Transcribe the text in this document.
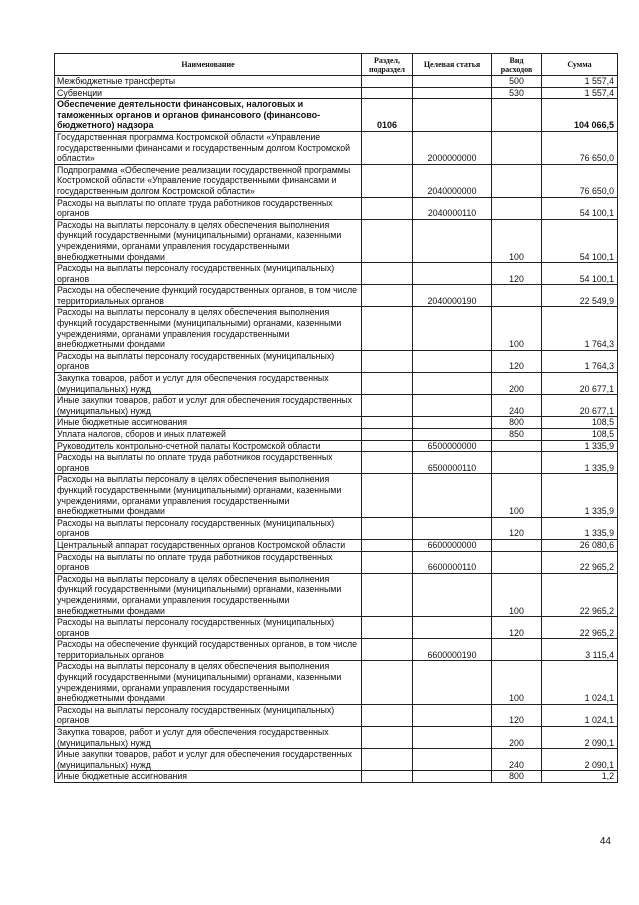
Наименование	Раздел, подраздел	Целевая статья	Вид расходов	Сумма
Межбюджетные трансферты			500	1 557,4
Субвенции			530	1 557,4
Обеспечение деятельности финансовых, налоговых и таможенных органов и органов финансового (финансово-бюджетного) надзора	0106			104 066,5
Государственная программа Костромской области «Управление государственными финансами и государственным долгом Костромской области»		2000000000		76 650,0
Подпрограмма «Обеспечение реализации государственной программы Костромской области «Управление государственными финансами и государственным долгом Костромской области»		2040000000		76 650,0
Расходы на выплаты по оплате труда работников государственных органов		2040000110		54 100,1
Расходы на выплаты персоналу в целях обеспечения выполнения функций государственными (муниципальными) органами, казенными учреждениями, органами управления государственными внебюджетными фондами			100	54 100,1
Расходы на выплаты персоналу государственных (муниципальных) органов			120	54 100,1
Расходы на обеспечение функций государственных органов, в том числе территориальных органов		2040000190		22 549,9
Расходы на выплаты персоналу в целях обеспечения выполнения функций государственными (муниципальными) органами, казенными учреждениями, органами управления государственными внебюджетными фондами			100	1 764,3
Расходы на выплаты персоналу государственных (муниципальных) органов			120	1 764,3
Закупка товаров, работ и услуг для обеспечения государственных (муниципальных) нужд			200	20 677,1
Иные закупки товаров, работ и услуг для обеспечения государственных (муниципальных) нужд			240	20 677,1
Иные бюджетные ассигнования			800	108,5
Уплата налогов, сборов и иных платежей			850	108,5
Руководитель контрольно-счетной палаты Костромской области		6500000000		1 335,9
Расходы на выплаты по оплате труда работников государственных органов		6500000110		1 335,9
Расходы на выплаты персоналу в целях обеспечения выполнения функций государственными (муниципальными) органами, казенными учреждениями, органами управления государственными внебюджетными фондами			100	1 335,9
Расходы на выплаты персоналу государственных (муниципальных) органов			120	1 335,9
Центральный аппарат государственных органов Костромской области		6600000000		26 080,6
Расходы на выплаты по оплате труда работников государственных органов		6600000110		22 965,2
Расходы на выплаты персоналу в целях обеспечения выполнения функций государственными (муниципальными) органами, казенными учреждениями, органами управления государственными внебюджетными фондами			100	22 965,2
Расходы на выплаты персоналу государственных (муниципальных) органов			120	22 965,2
Расходы на обеспечение функций государственных органов, в том числе территориальных органов		6600000190		3 115,4
Расходы на выплаты персоналу в целях обеспечения выполнения функций государственными (муниципальными) органами, казенными учреждениями, органами управления государственными внебюджетными фондами			100	1 024,1
Расходы на выплаты персоналу государственных (муниципальных) органов			120	1 024,1
Закупка товаров, работ и услуг для обеспечения государственных (муниципальных) нужд			200	2 090,1
Иные закупки товаров, работ и услуг для обеспечения государственных (муниципальных) нужд			240	2 090,1
Иные бюджетные ассигнования			800	1,2
44
